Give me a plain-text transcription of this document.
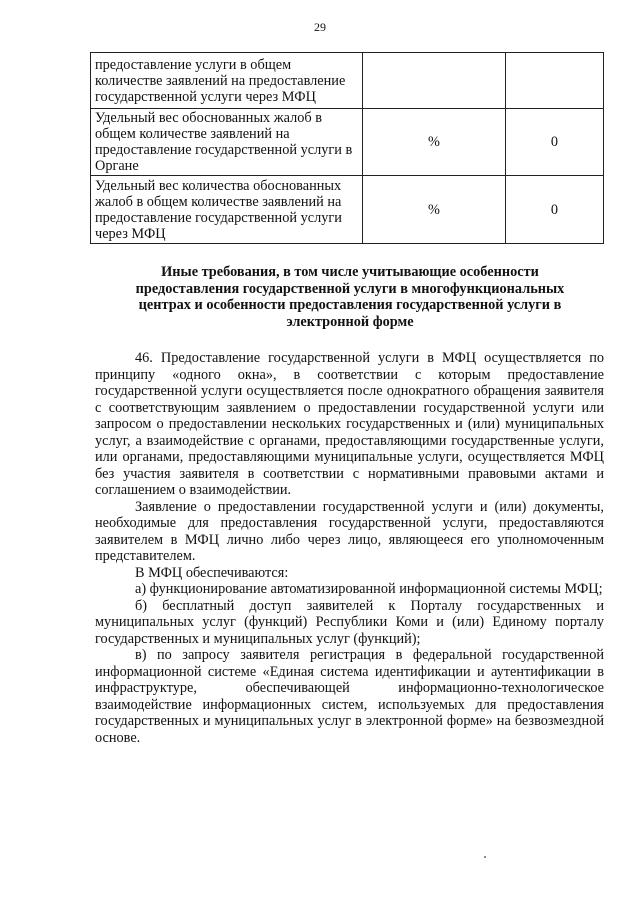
29
предоставление услуги в общем
количестве заявлений на предоставление
государственной услуги через МФЦ		
Удельный вес обоснованных жалоб в
общем количестве заявлений на
предоставление государственной услуги в
Органе	%	0
Удельный вес количества обоснованных
жалоб в общем количестве заявлений на
предоставление государственной услуги
через МФЦ	%	0
Иные требования, в том числе учитывающие особенности
предоставления государственной услуги в многофункциональных
центрах и особенности предоставления государственной услуги в
электронной форме

46. Предоставление государственной услуги в МФЦ осуществляется по принципу «одного окна», в соответствии с которым предоставление государственной услуги осуществляется после однократного обращения заявителя с соответствующим заявлением о предоставлении государственной услуги или запросом о предоставлении нескольких государственных и (или) муниципальных услуг, а взаимодействие с органами, предоставляющими государственные услуги, или органами, предоставляющими муниципальные услуги, осуществляется МФЦ без участия заявителя в соответствии с нормативными правовыми актами и соглашением о взаимодействии.

Заявление о предоставлении государственной услуги и (или) документы, необходимые для предоставления государственной услуги, предоставляются заявителем в МФЦ лично либо через лицо, являющееся его уполномоченным представителем.

В МФЦ обеспечиваются:

а) функционирование автоматизированной информационной системы МФЦ;

б) бесплатный доступ заявителей к Порталу государственных и муниципальных услуг (функций) Республики Коми и (или) Единому порталу государственных и муниципальных услуг (функций);

в) по запросу заявителя регистрация в федеральной государственной информационной системе «Единая система идентификации и аутентификации в инфраструктуре, обеспечивающей информационно-технологическое взаимодействие информационных систем, используемых для предоставления государственных и муниципальных услуг в электронной форме» на безвозмездной основе.
